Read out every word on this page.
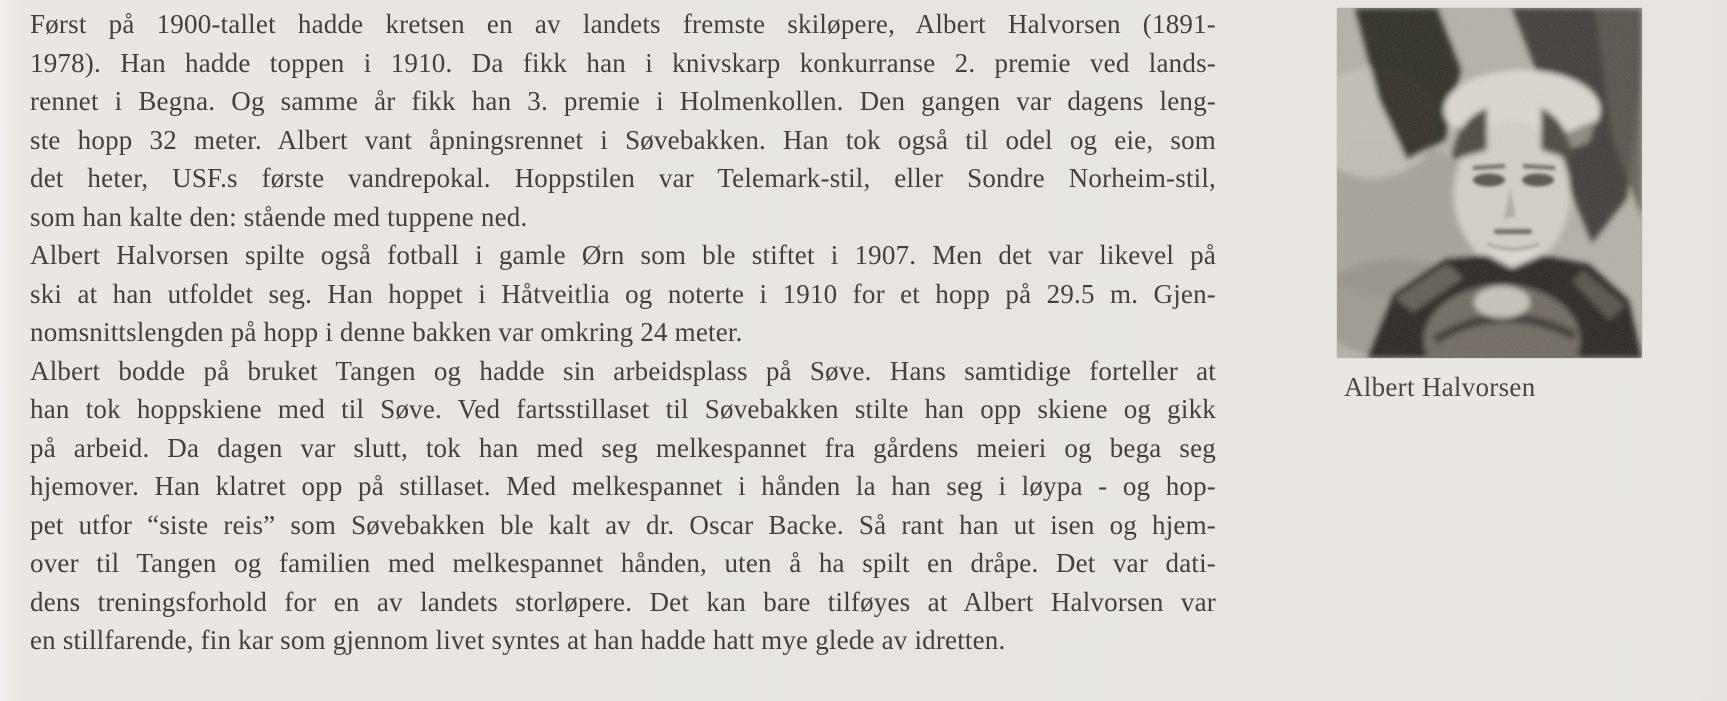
Først på 1900-tallet hadde kretsen en av landets fremste skiløpere, Albert Halvorsen (1891-
1978). Han hadde toppen i 1910. Da fikk han i knivskarp konkurranse 2. premie ved lands-
rennet i Begna. Og samme år fikk han 3. premie i Holmenkollen. Den gangen var dagens leng-
ste hopp 32 meter. Albert vant åpningsrennet i Søvebakken. Han tok også til odel og eie, som
det heter, USF.s første vandrepokal. Hoppstilen var Telemark-stil, eller Sondre Norheim-stil,
som han kalte den: stående med tuppene ned.
Albert Halvorsen spilte også fotball i gamle Ørn som ble stiftet i 1907. Men det var likevel på
ski at han utfoldet seg. Han hoppet i Håtveitlia og noterte i 1910 for et hopp på 29.5 m. Gjen-
nomsnittslengden på hopp i denne bakken var omkring 24 meter.
Albert bodde på bruket Tangen og hadde sin arbeidsplass på Søve. Hans samtidige forteller at
han tok hoppskiene med til Søve. Ved fartsstillaset til Søvebakken stilte han opp skiene og gikk
på arbeid. Da dagen var slutt, tok han med seg melkespannet fra gårdens meieri og bega seg
hjemover. Han klatret opp på stillaset. Med melkespannet i hånden la han seg i løypa - og hop-
pet utfor “siste reis” som Søvebakken ble kalt av dr. Oscar Backe. Så rant han ut isen og hjem-
over til Tangen og familien med melkespannet hånden, uten å ha spilt en dråpe. Det var dati-
dens treningsforhold for en av landets storløpere. Det kan bare tilføyes at Albert Halvorsen var
en stillfarende, fin kar som gjennom livet syntes at han hadde hatt mye glede av idretten.
Albert Halvorsen
